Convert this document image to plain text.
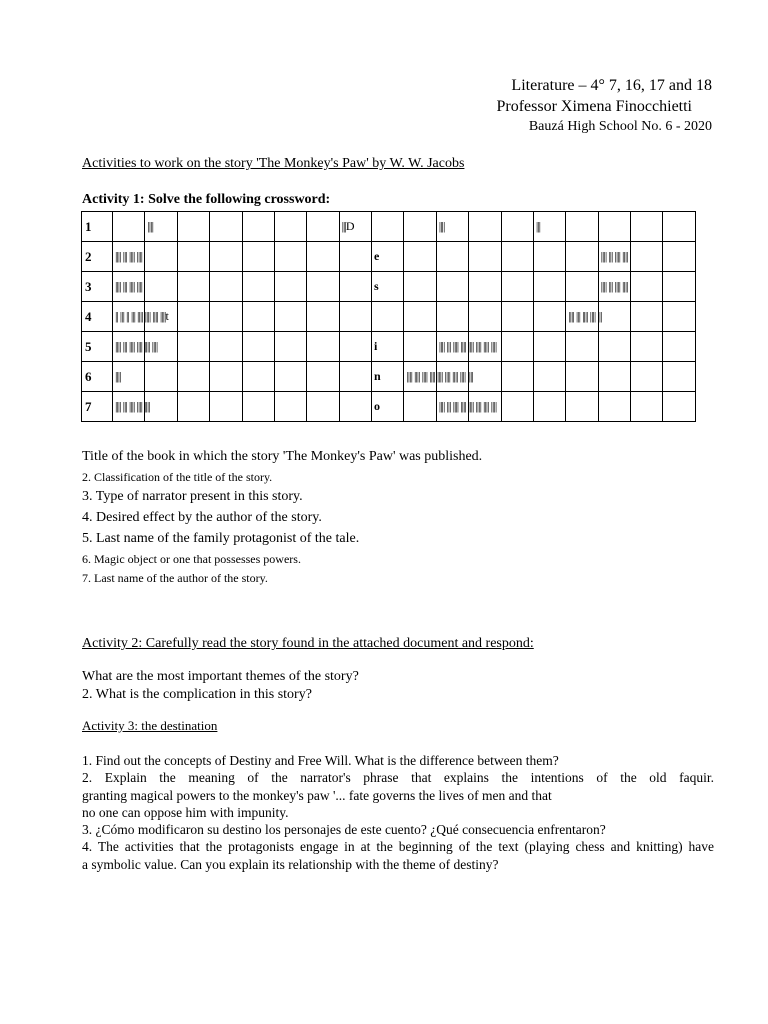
Literature – 4° 7, 16, 17 and 18
Professor Ximena Finocchietti
Bauzá High School No. 6 - 2020
Activities to work on the story 'The Monkey's Paw' by W. W. Jacobs
Activity 1: Solve the following crossword:
1		||||						|||D			||||			|||				
2	|||| ||| |||| ||||								e							|||| ||| |||| ||||		
3	|||| ||| |||| ||||								s							|||| ||| |||| ||||		
4	|| ||| || ||| |||| |||| |||| ||||t														|||| ||| |||| |||| |||			
5	|||| ||| |||| |||| |||| ||||								i		|||| ||| |||| |||| |||| |||| |||| ||||							
6	||||								n	|||| |||| |||| |||| |||| |||| |||| |||| ||||								
7	|||| ||| |||| |||| ||||								o		|||| ||| |||| |||| |||| |||| |||| ||||							
Title of the book in which the story 'The Monkey's Paw' was published.
2. Classification of the title of the story.
3. Type of narrator present in this story.
4. Desired effect by the author of the story.
5. Last name of the family protagonist of the tale.
6. Magic object or one that possesses powers.
7. Last name of the author of the story.
Activity 2: Carefully read the story found in the attached document and respond:
What are the most important themes of the story?
2. What is the complication in this story?
Activity 3: the destination
1. Find out the concepts of Destiny and Free Will. What is the difference between them?
2. Explain the meaning of the narrator's phrase that explains the intentions of the old faquir.
granting magical powers to the monkey's paw '... fate governs the lives of men and that
no one can oppose him with impunity.
3. ¿Cómo modificaron su destino los personajes de este cuento? ¿Qué consecuencia enfrentaron?
4. The activities that the protagonists engage in at the beginning of the text (playing chess and knitting) have
a symbolic value. Can you explain its relationship with the theme of destiny?
